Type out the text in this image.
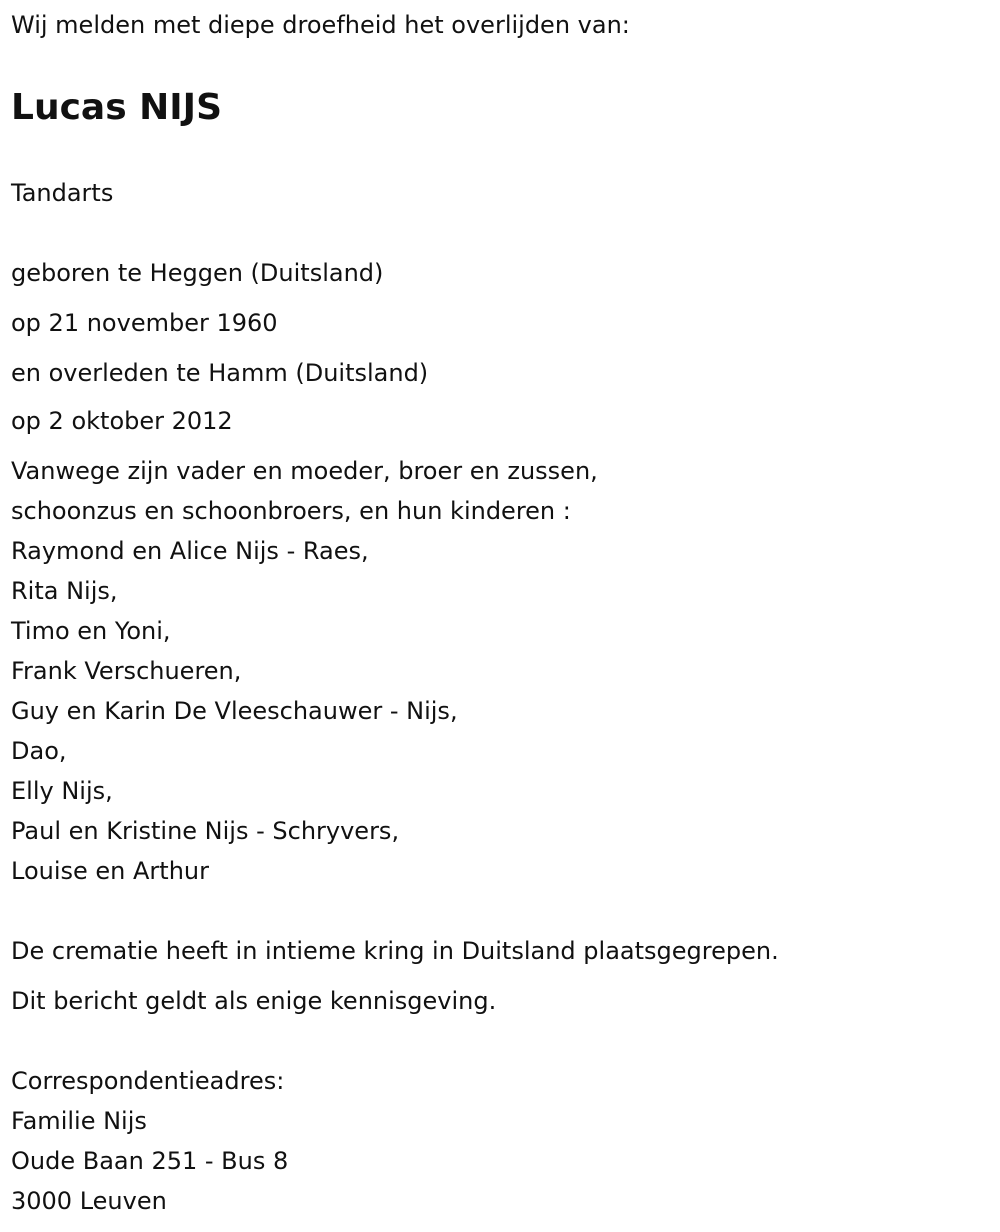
Wij melden met diepe droefheid het overlijden van:
Lucas NIJS
Tandarts
geboren te Heggen (Duitsland)
op 21 november 1960
en overleden te Hamm (Duitsland)
op 2 oktober 2012
Vanwege zijn vader en moeder, broer en zussen,
schoonzus en schoonbroers, en hun kinderen :
Raymond en Alice Nijs - Raes,
Rita Nijs,
Timo en Yoni,
Frank Verschueren,
Guy en Karin De Vleeschauwer - Nijs,
Dao,
Elly Nijs,
Paul en Kristine Nijs - Schryvers,
Louise en Arthur
De crematie heeft in intieme kring in Duitsland plaatsgegrepen.
Dit bericht geldt als enige kennisgeving.
Correspondentieadres:
Familie Nijs
Oude Baan 251 - Bus 8
3000 Leuven
